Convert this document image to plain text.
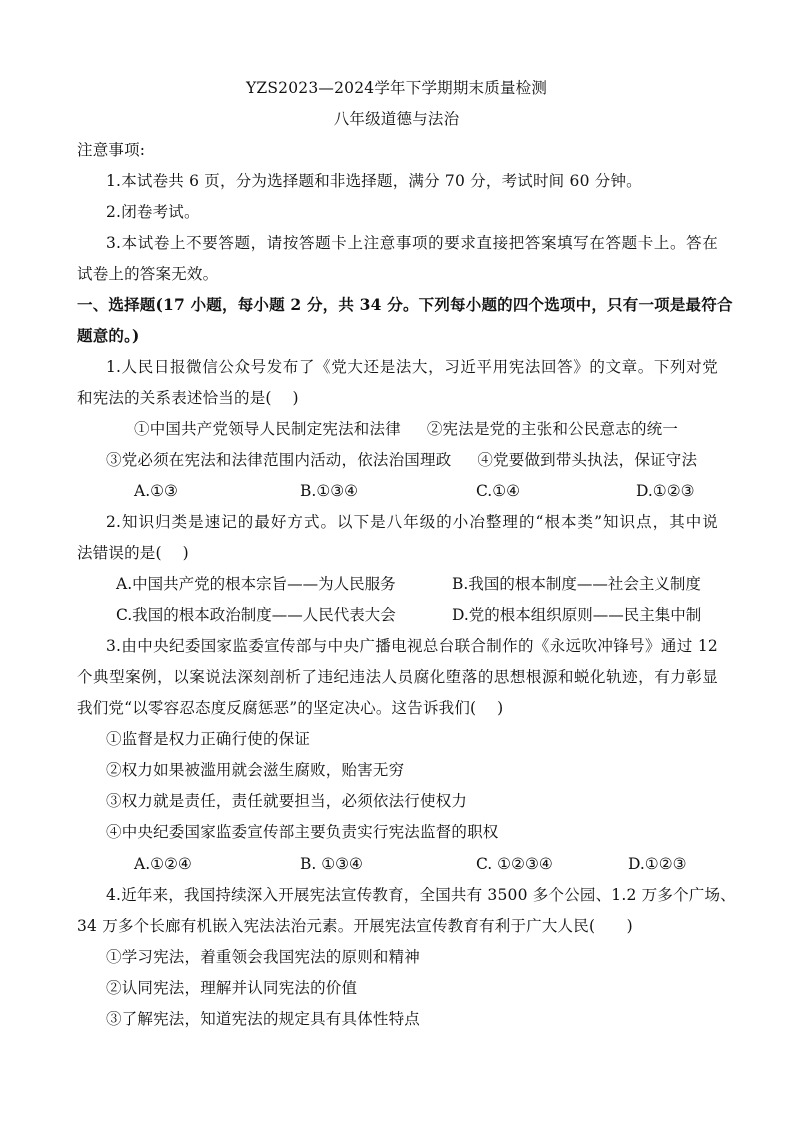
YZS2023—2024学年下学期期末质量检测
八年级道德与法治
注意事项:
1.本试卷共 6 页，分为选择题和非选择题，满分 70 分，考试时间 60 分钟。
2.闭卷考试。
3.本试卷上不要答题，请按答题卡上注意事项的要求直接把答案填写在答题卡上。答在
试卷上的答案无效。
一、选择题(17 小题，每小题 2 分，共 34 分。下列每小题的四个选项中，只有一项是最符合
题意的。)
1.人民日报微信公众号发布了《党大还是法大，习近平用宪法回答》的文章。下列对党
和宪法的关系表述恰当的是(　 )
①中国共产党领导人民制定宪法和法律 　 ②宪法是党的主张和公民意志的统一
③党必须在宪法和法律范围内活动，依法治国理政 　 ④党要做到带头执法，保证守法
A.①③	B.①③④	C.①④	D.①②③
2.知识归类是速记的最好方式。以下是八年级的小冶整理的“根本类”知识点，其中说
法错误的是(　 )
A.中国共产党的根本宗旨——为人民服务	B.我国的根本制度——社会主义制度
C.我国的根本政治制度——人民代表大会	D.党的根本组织原则——民主集中制
3.由中央纪委国家监委宣传部与中央广播电视总台联合制作的《永远吹冲锋号》通过 12
个典型案例，以案说法深刻剖析了违纪违法人员腐化堕落的思想根源和蜕化轨迹，有力彰显
我们党“以零容忍态度反腐惩恶”的坚定决心。这告诉我们(　 )
①监督是权力正确行使的保证
②权力如果被滥用就会滋生腐败，贻害无穷
③权力就是责任，责任就要担当，必须依法行使权力
④中央纪委国家监委宣传部主要负责实行宪法监督的职权
A.①②④	B. ①③④	C. ①②③④	D.①②③
4.近年来，我国持续深入开展宪法宣传教育，全国共有 3500 多个公园、1.2 万多个广场、
34 万多个长廊有机嵌入宪法法治元素。开展宪法宣传教育有利于广大人民(　　)
①学习宪法，着重领会我国宪法的原则和精神
②认同宪法，理解并认同宪法的价值
③了解宪法，知道宪法的规定具有具体性特点
